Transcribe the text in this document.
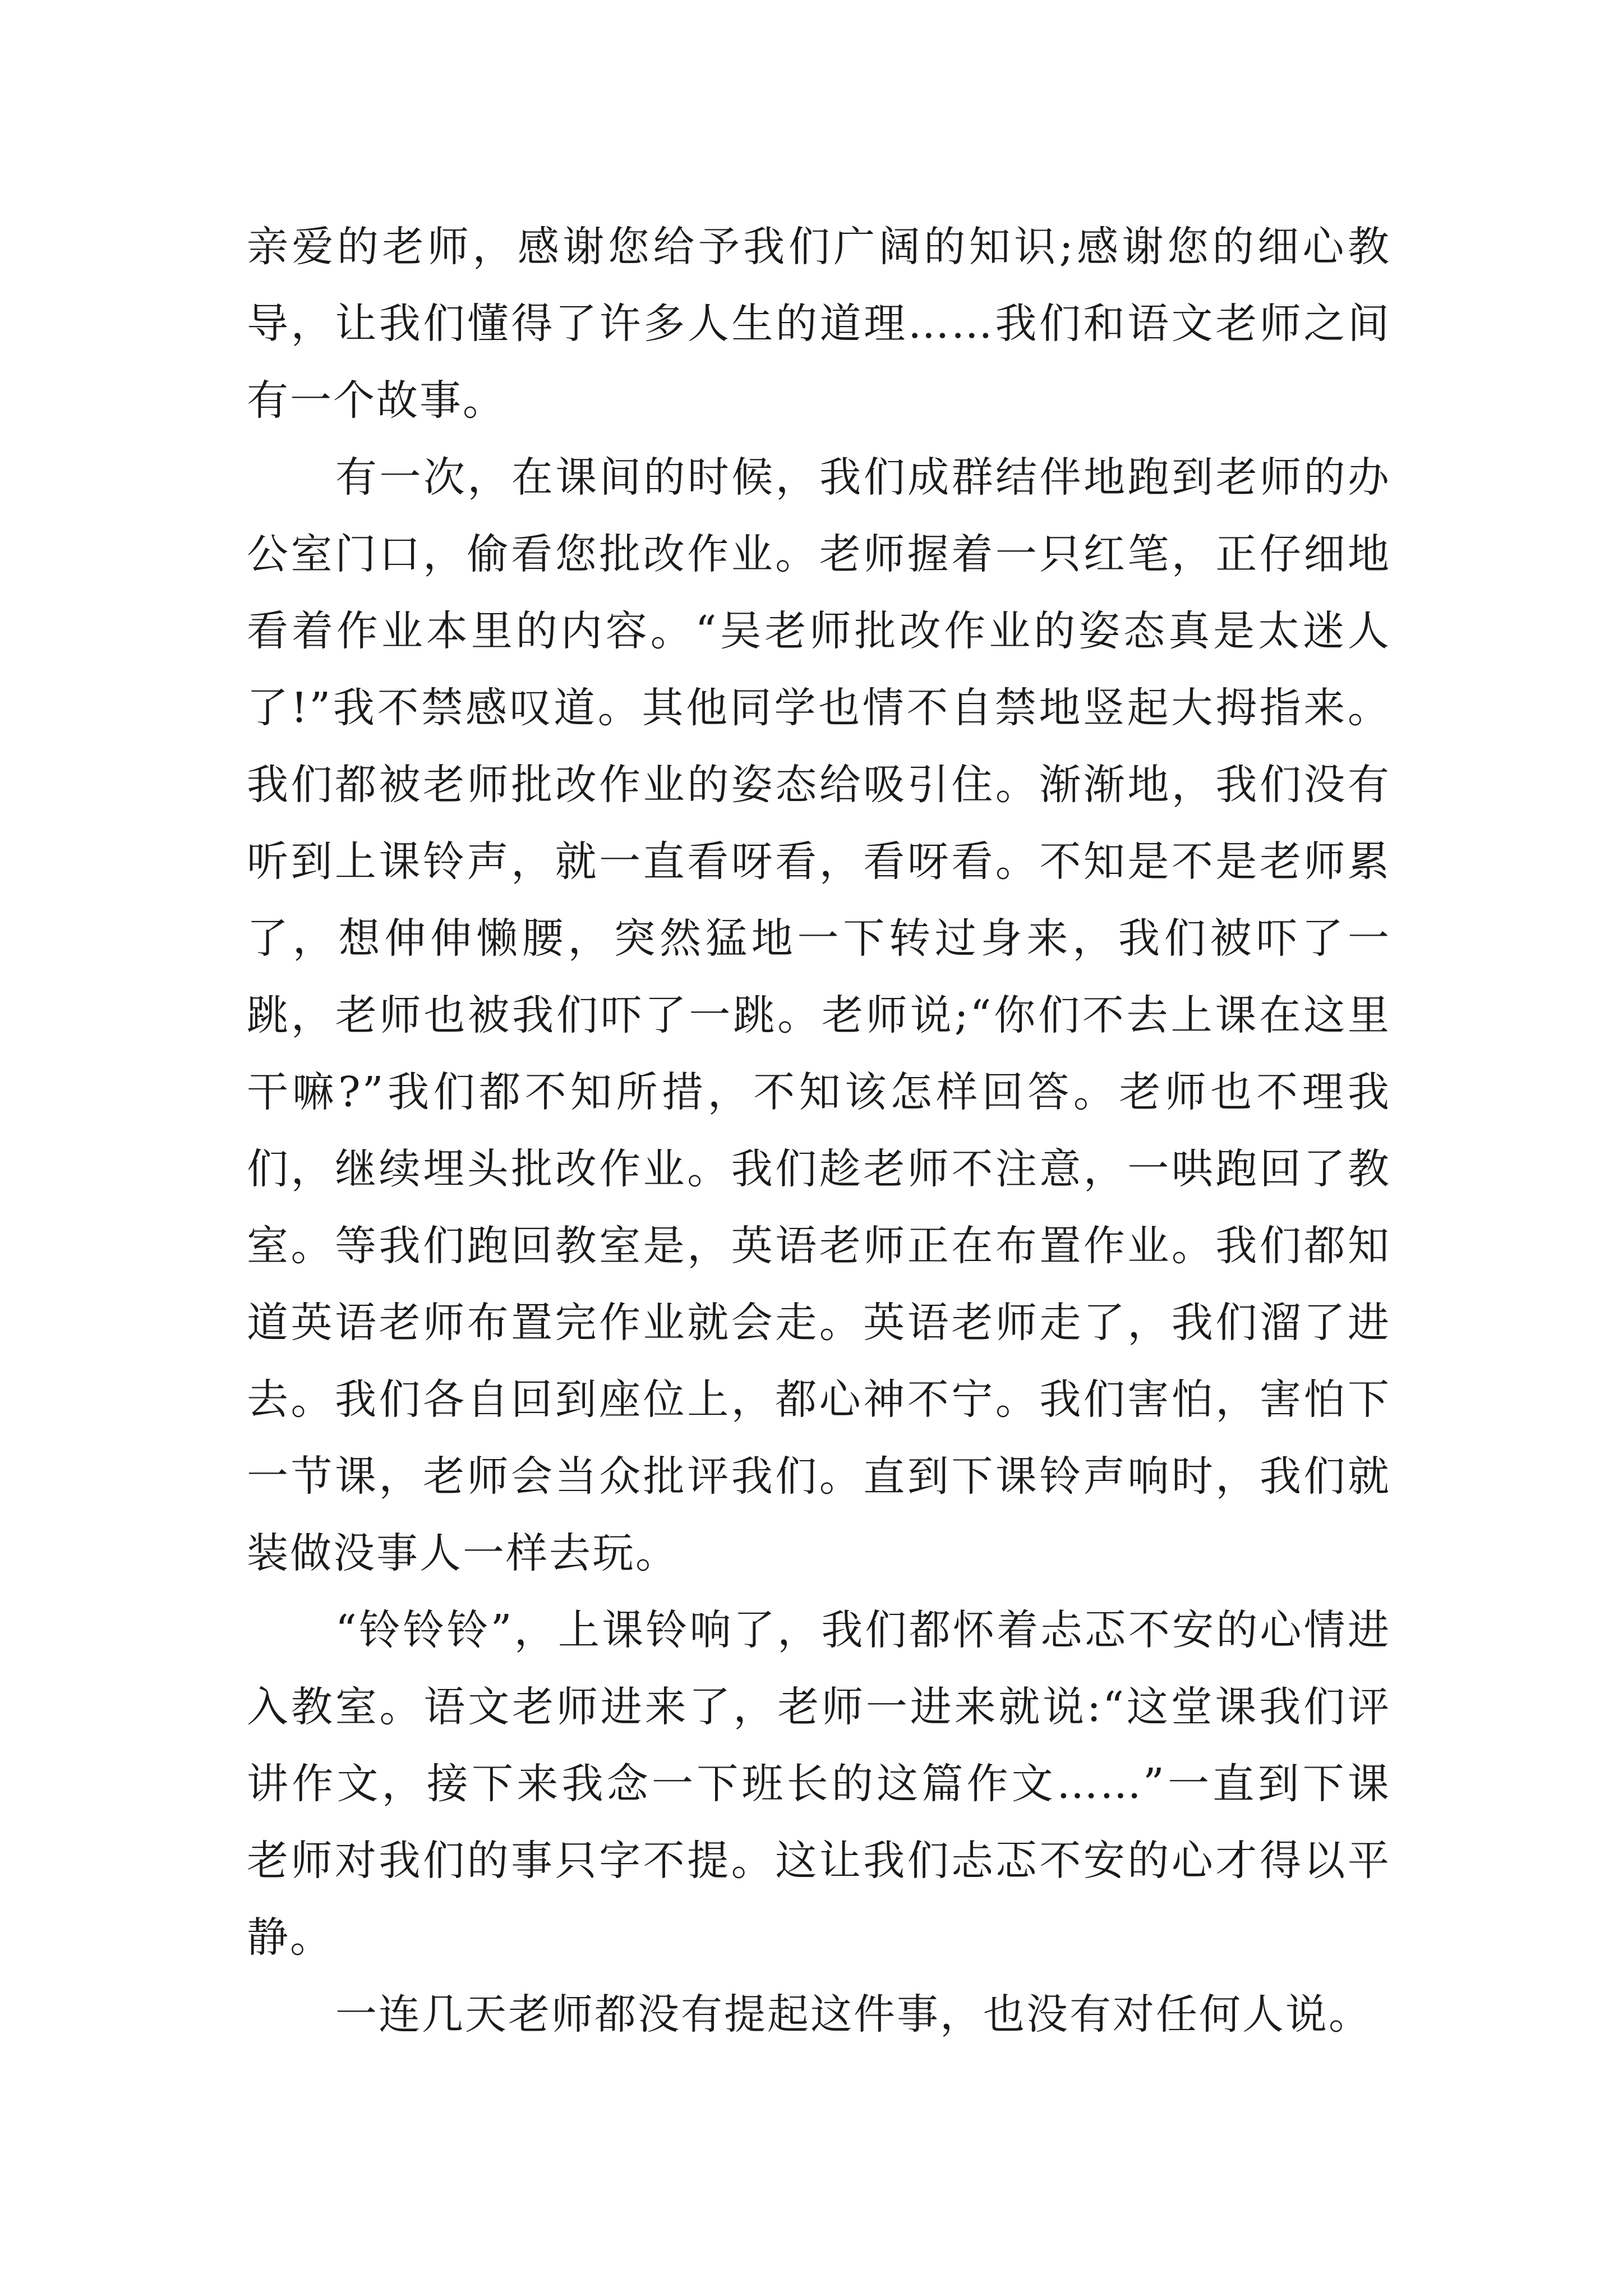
亲爱的老师，感谢您给予我们广阔的知识;感谢您的细心教导，让我们懂得了许多人生的道理……我们和语文老师之间有一个故事。

有一次，在课间的时候，我们成群结伴地跑到老师的办公室门口，偷看您批改作业。老师握着一只红笔，正仔细地看着作业本里的内容。“吴老师批改作业的姿态真是太迷人了!”我不禁感叹道。其他同学也情不自禁地竖起大拇指来。我们都被老师批改作业的姿态给吸引住。渐渐地，我们没有听到上课铃声，就一直看呀看，看呀看。不知是不是老师累了，想伸伸懒腰，突然猛地一下转过身来，我们被吓了一跳，老师也被我们吓了一跳。老师说;“你们不去上课在这里干嘛?”我们都不知所措，不知该怎样回答。老师也不理我们，继续埋头批改作业。我们趁老师不注意，一哄跑回了教室。等我们跑回教室是，英语老师正在布置作业。我们都知道英语老师布置完作业就会走。英语老师走了，我们溜了进去。我们各自回到座位上，都心神不宁。我们害怕，害怕下一节课，老师会当众批评我们。直到下课铃声响时，我们就装做没事人一样去玩。

“铃铃铃”，上课铃响了，我们都怀着忐忑不安的心情进入教室。语文老师进来了，老师一进来就说:“这堂课我们评讲作文，接下来我念一下班长的这篇作文……”一直到下课老师对我们的事只字不提。这让我们忐忑不安的心才得以平静。

一连几天老师都没有提起这件事，也没有对任何人说。
